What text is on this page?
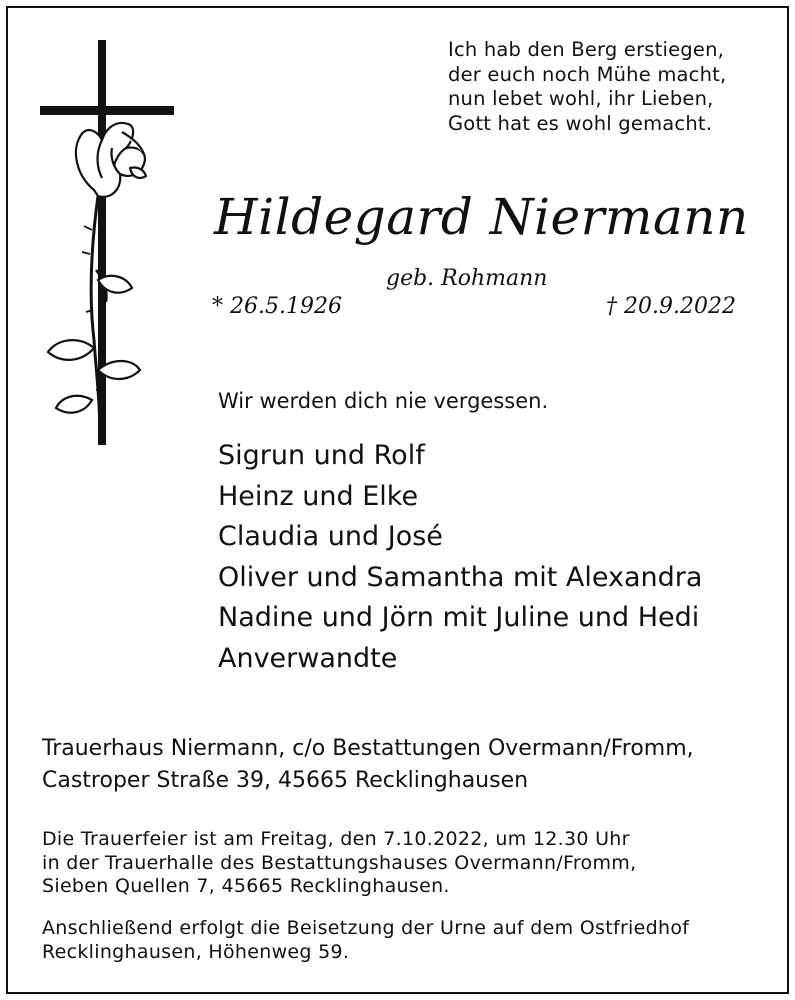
Ich hab den Berg erstiegen,
der euch noch Mühe macht,
nun lebet wohl, ihr Lieben,
Gott hat es wohl gemacht.
Hildegard Niermann
geb. Rohmann
* 26.5.1926	† 20.9.2022
Wir werden dich nie vergessen.
Sigrun und Rolf
Heinz und Elke
Claudia und José
Oliver und Samantha mit Alexandra
Nadine und Jörn mit Juline und Hedi
Anverwandte
Trauerhaus Niermann, c/o Bestattungen Overmann/Fromm,
Castroper Straße 39, 45665 Recklinghausen
Die Trauerfeier ist am Freitag, den 7.10.2022, um 12.30 Uhr
in der Trauerhalle des Bestattungshauses Overmann/Fromm,
Sieben Quellen 7, 45665 Recklinghausen.
Anschließend erfolgt die Beisetzung der Urne auf dem Ostfriedhof
Recklinghausen, Höhenweg 59.
